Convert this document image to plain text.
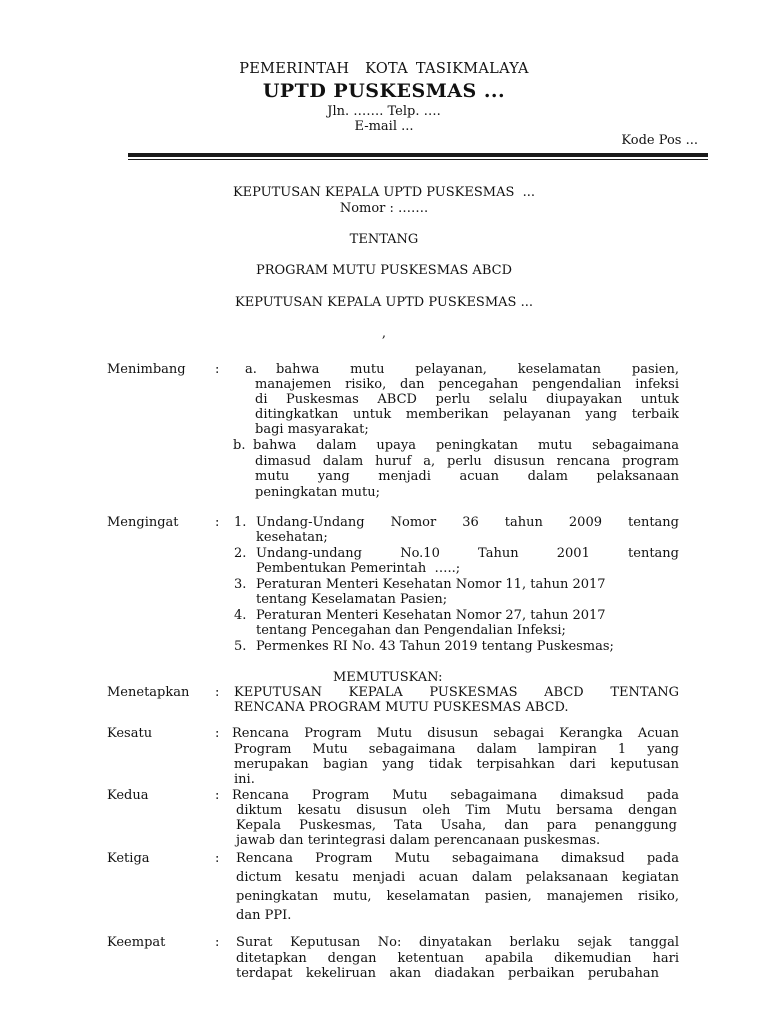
PEMERINTAH  KOTA TASIKMALAYA
UPTD PUSKESMAS ...
Jln. ……. Telp. ….
E-mail ...
Kode Pos ...
KEPUTUSAN KEPALA UPTD PUSKESMAS  ...
Nomor : …….
TENTANG
PROGRAM MUTU PUSKESMAS ABCD
KEPUTUSAN KEPALA UPTD PUSKESMAS ...
,
Menimbang : a. bahwa mutu pelayanan, keselamatan pasien,
manajemen risiko, dan pencegahan pengendalian infeksi
di Puskesmas ABCD perlu selalu diupayakan untuk
ditingkatkan untuk memberikan pelayanan yang terbaik
bagi masyarakat;
b. bahwa dalam upaya peningkatan mutu sebagaimana
dimasud dalam huruf a, perlu disusun rencana program
mutu yang menjadi acuan dalam pelaksanaan
peningkatan mutu;
Mengingat	: 1. Undang-Undang Nomor 36 tahun 2009 tentang
kesehatan;
2. Undang-undang No.10 Tahun 2001 tentang
Pembentukan Pemerintah  …..;
3. Peraturan Menteri Kesehatan Nomor 11, tahun 2017
tentang Keselamatan Pasien;
4. Peraturan Menteri Kesehatan Nomor 27, tahun 2017
tentang Pencegahan dan Pengendalian Infeksi;
5. Permenkes RI No. 43 Tahun 2019 tentang Puskesmas;
MEMUTUSKAN:
Menetapkan : KEPUTUSAN KEPALA PUSKESMAS ABCD TENTANG
RENCANA PROGRAM MUTU PUSKESMAS ABCD.
Kesatu	: Rencana Program Mutu disusun sebagai Kerangka Acuan
Program Mutu sebagaimana dalam lampiran 1 yang
merupakan bagian yang tidak terpisahkan dari keputusan
ini.
Kedua	: Rencana Program Mutu sebagaimana dimaksud pada
diktum kesatu disusun oleh Tim Mutu bersama dengan
Kepala Puskesmas, Tata Usaha, dan para penanggung
jawab dan terintegrasi dalam perencanaan puskesmas.
Ketiga	: Rencana Program Mutu sebagaimana dimaksud pada
dictum kesatu menjadi acuan dalam pelaksanaan kegiatan
peningkatan mutu, keselamatan pasien, manajemen risiko,
dan PPI.
Keempat	: Surat Keputusan No: dinyatakan berlaku sejak tanggal
ditetapkan dengan ketentuan apabila dikemudian hari
terdapat kekeliruan akan diadakan perbaikan perubahan
